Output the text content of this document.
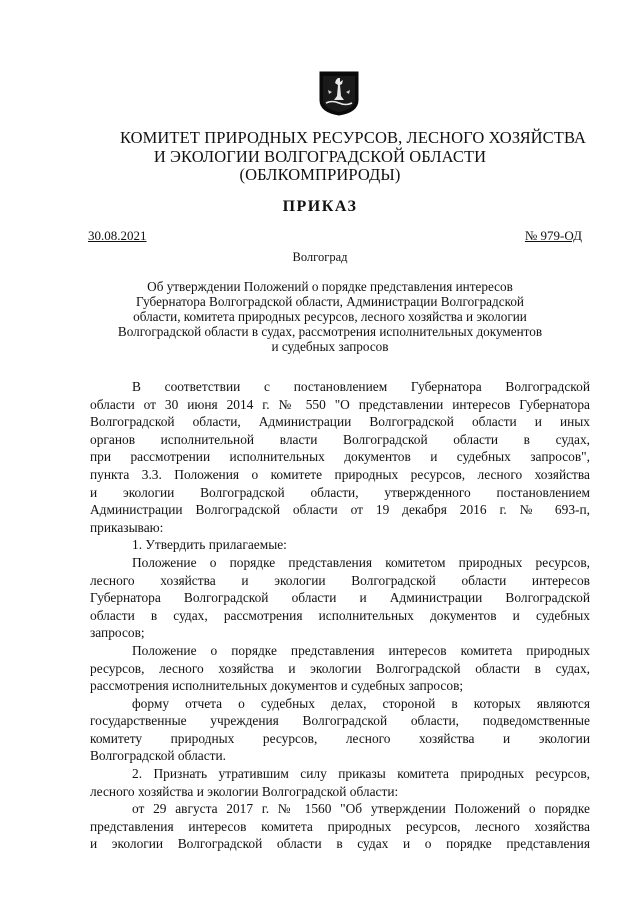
КОМИТЕТ ПРИРОДНЫХ РЕСУРСОВ, ЛЕСНОГО ХОЗЯЙСТВА
И ЭКОЛОГИИ ВОЛГОГРАДСКОЙ ОБЛАСТИ
(ОБЛКОМПРИРОДЫ)
ПРИКАЗ
30.08.2021	№ 979-ОД
Волгоград
Об утверждении Положений о порядке представления интересов
Губернатора Волгоградской области, Администрации Волгоградской
области, комитета природных ресурсов, лесного хозяйства и экологии
Волгоградской области в судах, рассмотрения исполнительных документов
и судебных запросов
В соответствии с постановлением Губернатора Волгоградской
области от 30 июня 2014 г. № 550 "О представлении интересов Губернатора
Волгоградской области, Администрации Волгоградской области и иных
органов исполнительной власти Волгоградской области в судах,
при рассмотрении исполнительных документов и судебных запросов",
пункта 3.3. Положения о комитете природных ресурсов, лесного хозяйства
и экологии Волгоградской области, утвержденного постановлением
Администрации Волгоградской области от 19 декабря 2016 г. № 693-п,
приказываю:
1. Утвердить прилагаемые:
Положение о порядке представления комитетом природных ресурсов,
лесного хозяйства и экологии Волгоградской области интересов
Губернатора Волгоградской области и Администрации Волгоградской
области в судах, рассмотрения исполнительных документов и судебных
запросов;
Положение о порядке представления интересов комитета природных
ресурсов, лесного хозяйства и экологии Волгоградской области в судах,
рассмотрения исполнительных документов и судебных запросов;
форму отчета о судебных делах, стороной в которых являются
государственные учреждения Волгоградской области, подведомственные
комитету природных ресурсов, лесного хозяйства и экологии
Волгоградской области.
2. Признать утратившим силу приказы комитета природных ресурсов,
лесного хозяйства и экологии Волгоградской области:
от 29 августа 2017 г. № 1560 "Об утверждении Положений о порядке
представления интересов комитета природных ресурсов, лесного хозяйства
и экологии Волгоградской области в судах и о порядке представления
